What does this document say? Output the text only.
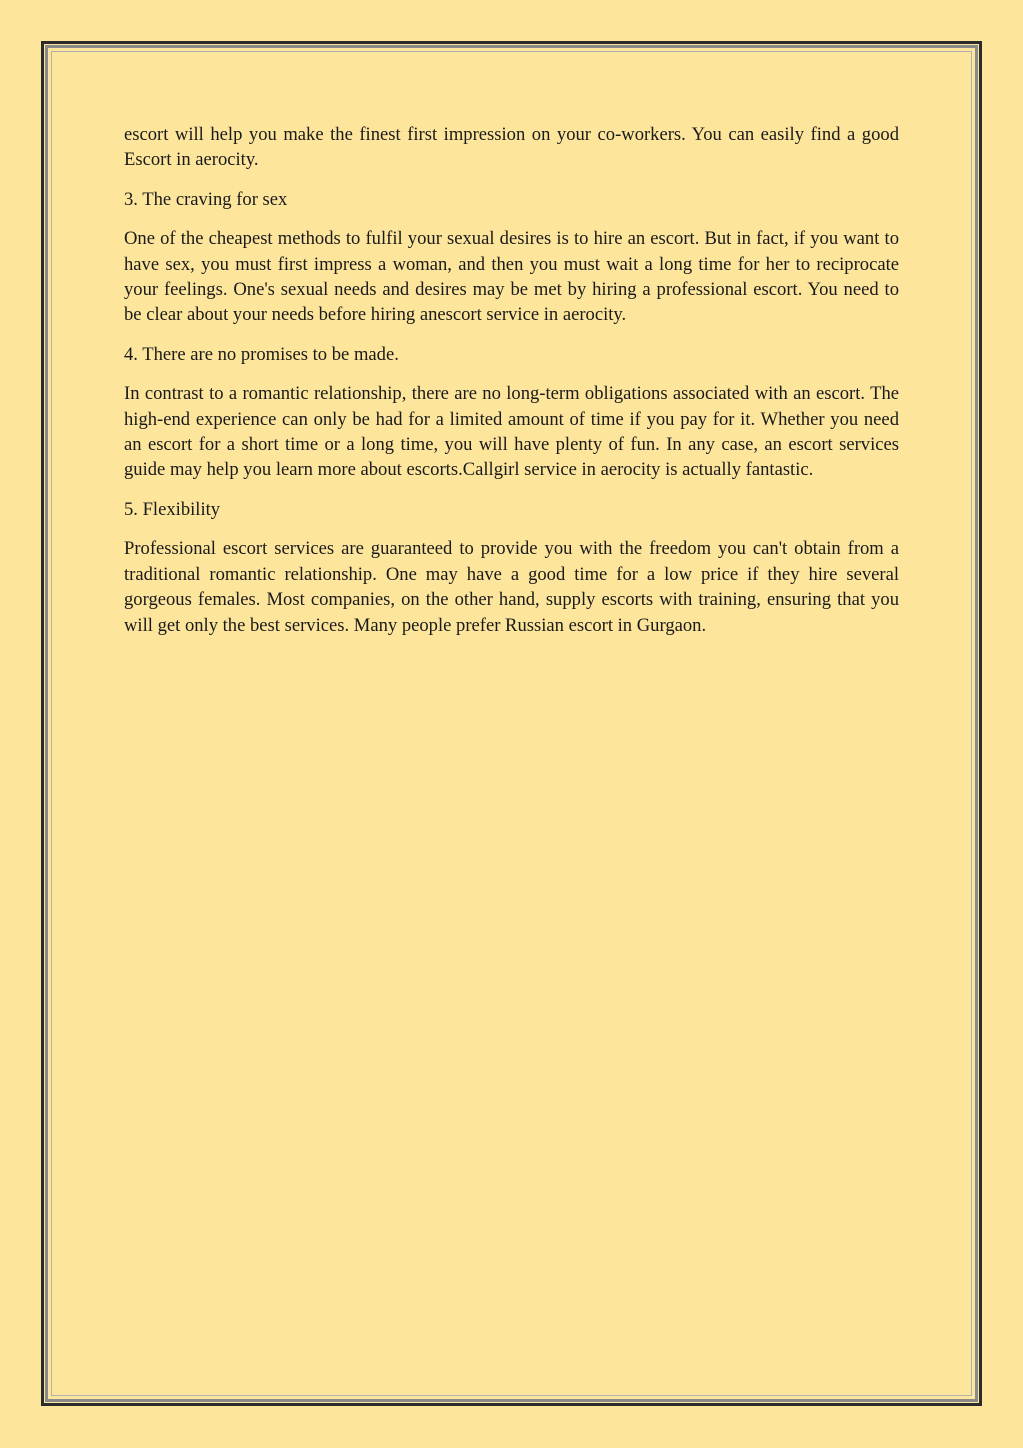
escort will help you make the finest first impression on your co-workers. You can easily find a good Escort in aerocity.

3. The craving for sex

One of the cheapest methods to fulfil your sexual desires is to hire an escort. But in fact, if you want to have sex, you must first impress a woman, and then you must wait a long time for her to reciprocate your feelings. One's sexual needs and desires may be met by hiring a professional escort. You need to be clear about your needs before hiring anescort service in aerocity.

4. There are no promises to be made.

In contrast to a romantic relationship, there are no long-term obligations associated with an escort. The high-end experience can only be had for a limited amount of time if you pay for it. Whether you need an escort for a short time or a long time, you will have plenty of fun. In any case, an escort services guide may help you learn more about escorts.Callgirl service in aerocity is actually fantastic.

5. Flexibility

Professional escort services are guaranteed to provide you with the freedom you can't obtain from a traditional romantic relationship. One may have a good time for a low price if they hire several gorgeous females. Most companies, on the other hand, supply escorts with training, ensuring that you will get only the best services. Many people prefer Russian escort in Gurgaon.
